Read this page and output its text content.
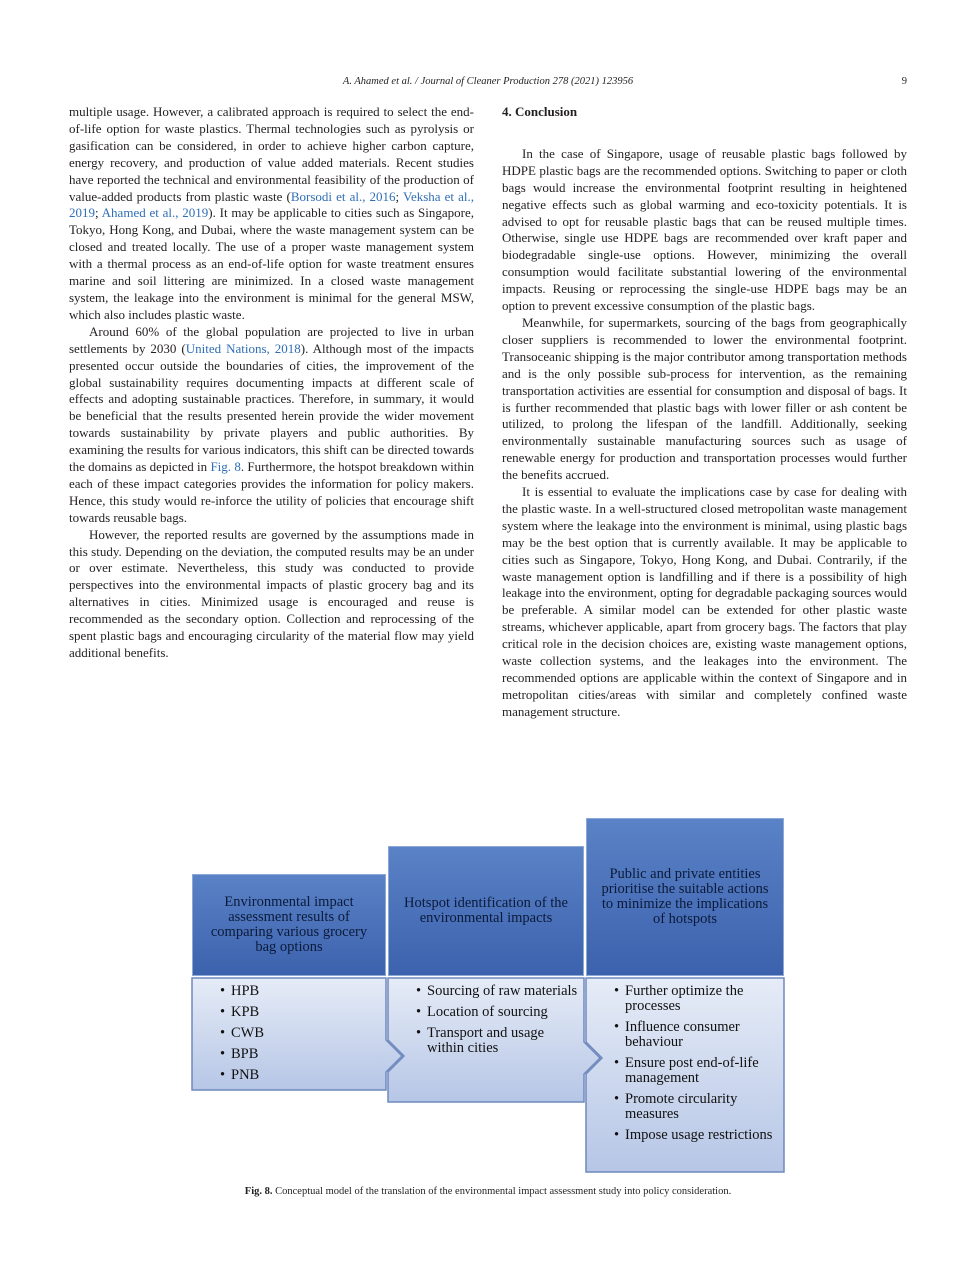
A. Ahamed et al. / Journal of Cleaner Production 278 (2021) 123956	9

multiple usage. However, a calibrated approach is required to select the end-of-life option for waste plastics. Thermal technologies such as pyrolysis or gasification can be considered, in order to achieve higher carbon capture, energy recovery, and production of value added materials. Recent studies have reported the technical and environmental feasibility of the production of value-added products from plastic waste (Borsodi et al., 2016; Veksha et al., 2019; Ahamed et al., 2019). It may be applicable to cities such as Singapore, Tokyo, Hong Kong, and Dubai, where the waste management system can be closed and treated locally. The use of a proper waste management system with a thermal process as an end-of-life option for waste treatment ensures marine and soil littering are minimized. In a closed waste management system, the leakage into the environment is minimal for the general MSW, which also includes plastic waste.

Around 60% of the global population are projected to live in urban settlements by 2030 (United Nations, 2018). Although most of the impacts presented occur outside the boundaries of cities, the improvement of the global sustainability requires documenting impacts at different scale of effects and adopting sustainable practices. Therefore, in summary, it would be beneficial that the results presented herein provide the wider movement towards sustainability by private players and public authorities. By examining the results for various indicators, this shift can be directed towards the domains as depicted in Fig. 8. Furthermore, the hotspot breakdown within each of these impact categories provides the information for policy makers. Hence, this study would re-inforce the utility of policies that encourage shift towards reusable bags.

However, the reported results are governed by the assumptions made in this study. Depending on the deviation, the computed results may be an under or over estimate. Nevertheless, this study was conducted to provide perspectives into the environmental impacts of plastic grocery bag and its alternatives in cities. Minimized usage is encouraged and reuse is recommended as the secondary option. Collection and reprocessing of the spent plastic bags and encouraging circularity of the material flow may yield additional benefits.

4. Conclusion

In the case of Singapore, usage of reusable plastic bags followed by HDPE plastic bags are the recommended options. Switching to paper or cloth bags would increase the environmental footprint resulting in heightened negative effects such as global warming and eco-toxicity potentials. It is advised to opt for reusable plastic bags that can be reused multiple times. Otherwise, single use HDPE bags are recommended over kraft paper and biodegradable single-use options. However, minimizing the overall consumption would facilitate substantial lowering of the environmental impacts. Reusing or reprocessing the single-use HDPE bags may be an option to prevent excessive consumption of the plastic bags.

Meanwhile, for supermarkets, sourcing of the bags from geographically closer suppliers is recommended to lower the environmental footprint. Transoceanic shipping is the major contributor among transportation methods and is the only possible sub-process for intervention, as the remaining transportation activities are essential for consumption and disposal of bags. It is further recommended that plastic bags with lower filler or ash content be utilized, to prolong the lifespan of the landfill. Additionally, seeking environmentally sustainable manufacturing sources such as usage of renewable energy for production and transportation processes would further the benefits accrued.

It is essential to evaluate the implications case by case for dealing with the plastic waste. In a well-structured closed metropolitan waste management system where the leakage into the environment is minimal, using plastic bags may be the best option that is currently available. It may be applicable to cities such as Singapore, Tokyo, Hong Kong, and Dubai. Contrarily, if the waste management option is landfilling and if there is a possibility of high leakage into the environment, opting for degradable packaging sources would be preferable. A similar model can be extended for other plastic waste streams, whichever applicable, apart from grocery bags. The factors that play critical role in the decision choices are, existing waste management options, waste collection systems, and the leakages into the environment. The recommended options are applicable within the context of Singapore and in metropolitan cities/areas with similar and completely confined waste management structure.

Environmental impact assessment results of comparing various grocery bag options
Hotspot identification of the environmental impacts
Public and private entities prioritise the suitable actions to minimize the implications of hotspots
• HPB
• KPB
• CWB
• BPB
• PNB
• Sourcing of raw materials
• Location of sourcing
• Transport and usage within cities
• Further optimize the processes
• Influence consumer behaviour
• Ensure post end-of-life management
• Promote circularity measures
• Impose usage restrictions
Fig. 8. Conceptual model of the translation of the environmental impact assessment study into policy consideration.
